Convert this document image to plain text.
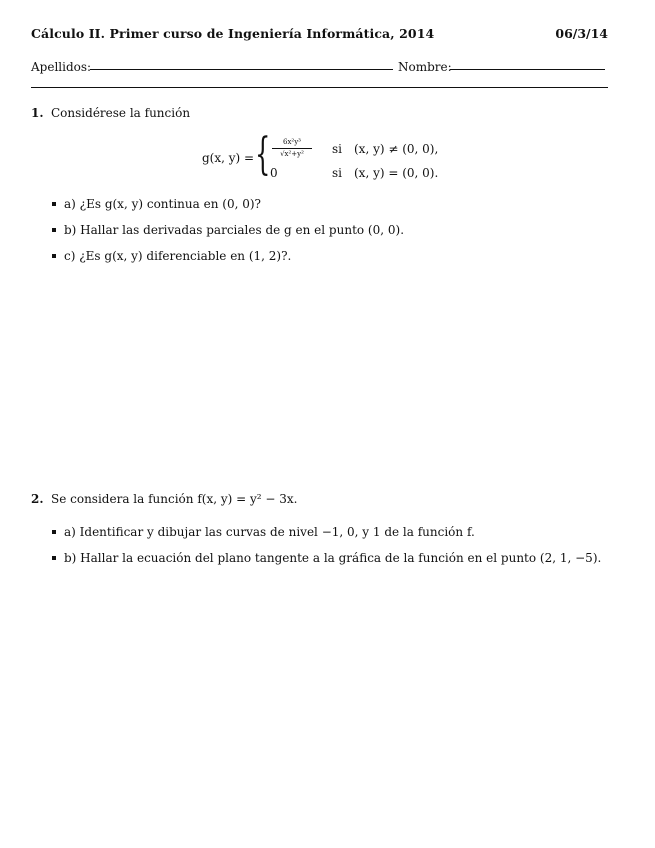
Cálculo II. Primer curso de Ingeniería Informática, 2014	06/3/14
Apellidos:	Nombre:
1. Considérese la función
g(x, y) = {	6x²y³
√x²+y²
0
si (x, y) ≠ (0, 0),
si (x, y) = (0, 0).
a) ¿Es g(x, y) continua en (0, 0)?
b) Hallar las derivadas parciales de g en el punto (0, 0).
c) ¿Es g(x, y) diferenciable en (1, 2)?.
2. Se considera la función f(x, y) = y² − 3x.
a) Identificar y dibujar las curvas de nivel −1, 0, y 1 de la función f.
b) Hallar la ecuación del plano tangente a la gráfica de la función en el punto (2, 1, −5).
